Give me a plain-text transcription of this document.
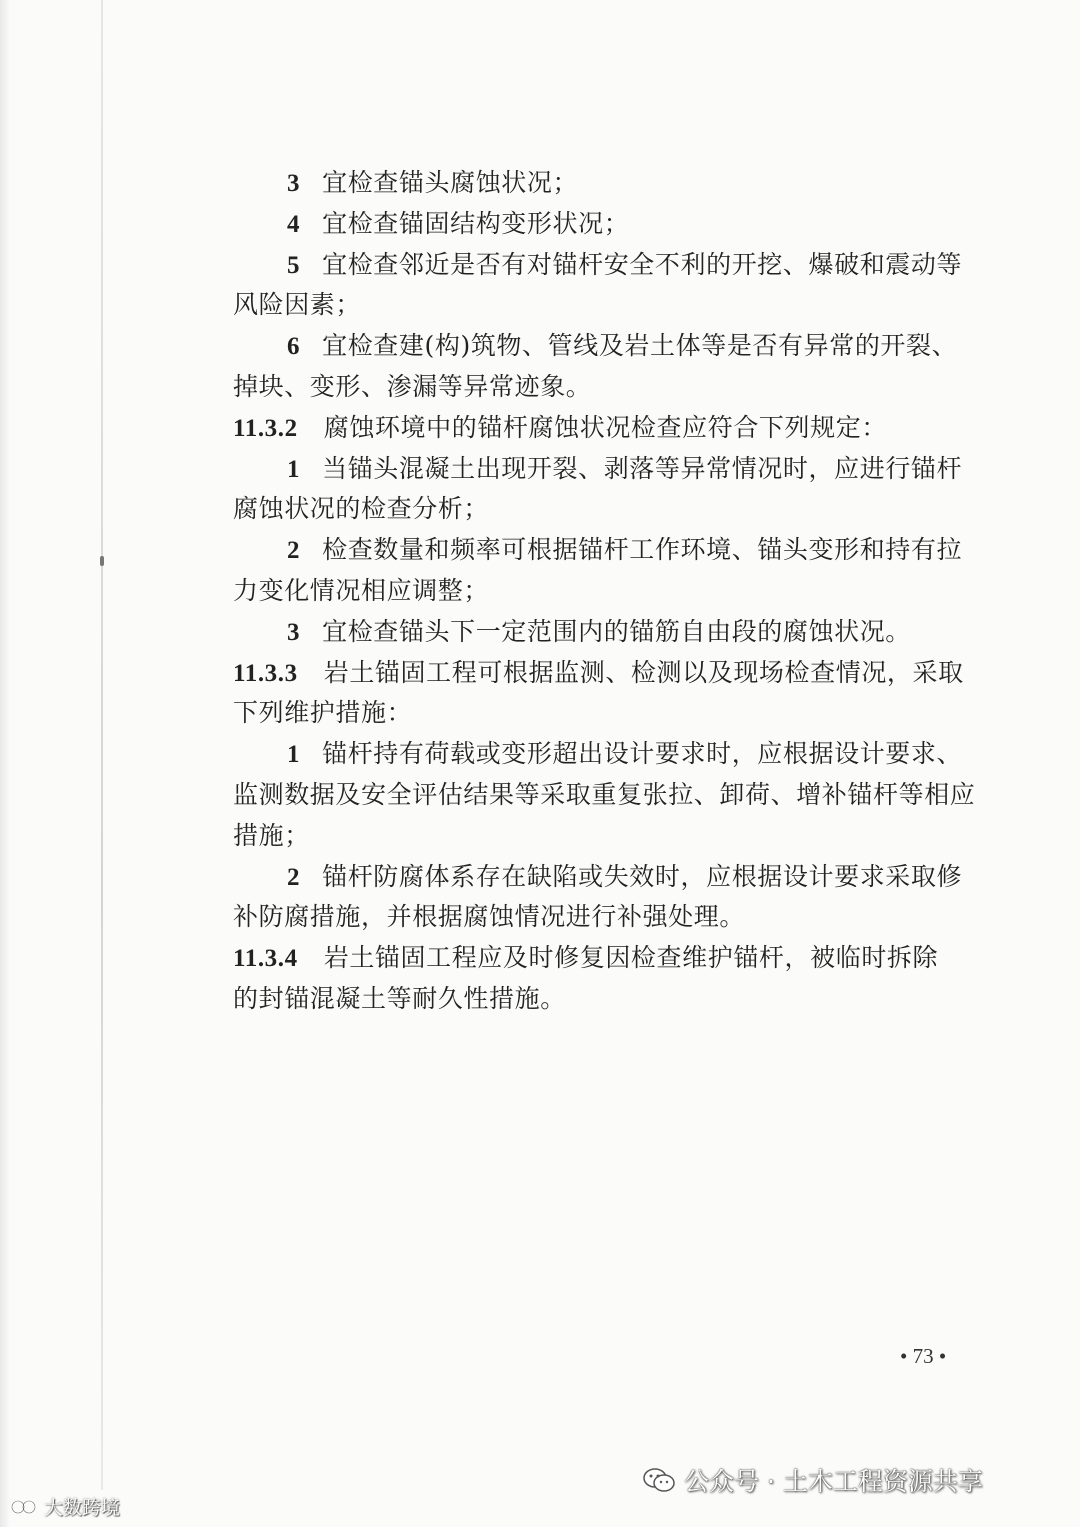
3 宜检查锚头腐蚀状况；
4 宜检查锚固结构变形状况；
5 宜检查邻近是否有对锚杆安全不利的开挖、爆破和震动等
风险因素；
6 宜检查建(构)筑物、管线及岩土体等是否有异常的开裂、
掉块、变形、渗漏等异常迹象。
11.3.2 腐蚀环境中的锚杆腐蚀状况检查应符合下列规定：
1 当锚头混凝土出现开裂、剥落等异常情况时，应进行锚杆
腐蚀状况的检查分析；
2 检查数量和频率可根据锚杆工作环境、锚头变形和持有拉
力变化情况相应调整；
3 宜检查锚头下一定范围内的锚筋自由段的腐蚀状况。
11.3.3 岩土锚固工程可根据监测、检测以及现场检查情况，采取
下列维护措施：
1 锚杆持有荷载或变形超出设计要求时，应根据设计要求、
监测数据及安全评估结果等采取重复张拉、卸荷、增补锚杆等相应
措施；
2 锚杆防腐体系存在缺陷或失效时，应根据设计要求采取修
补防腐措施，并根据腐蚀情况进行补强处理。
11.3.4 岩土锚固工程应及时修复因检查维护锚杆，被临时拆除
的封锚混凝土等耐久性措施。
• 73 •
公众号 · 土木工程资源共享
大数跨境
